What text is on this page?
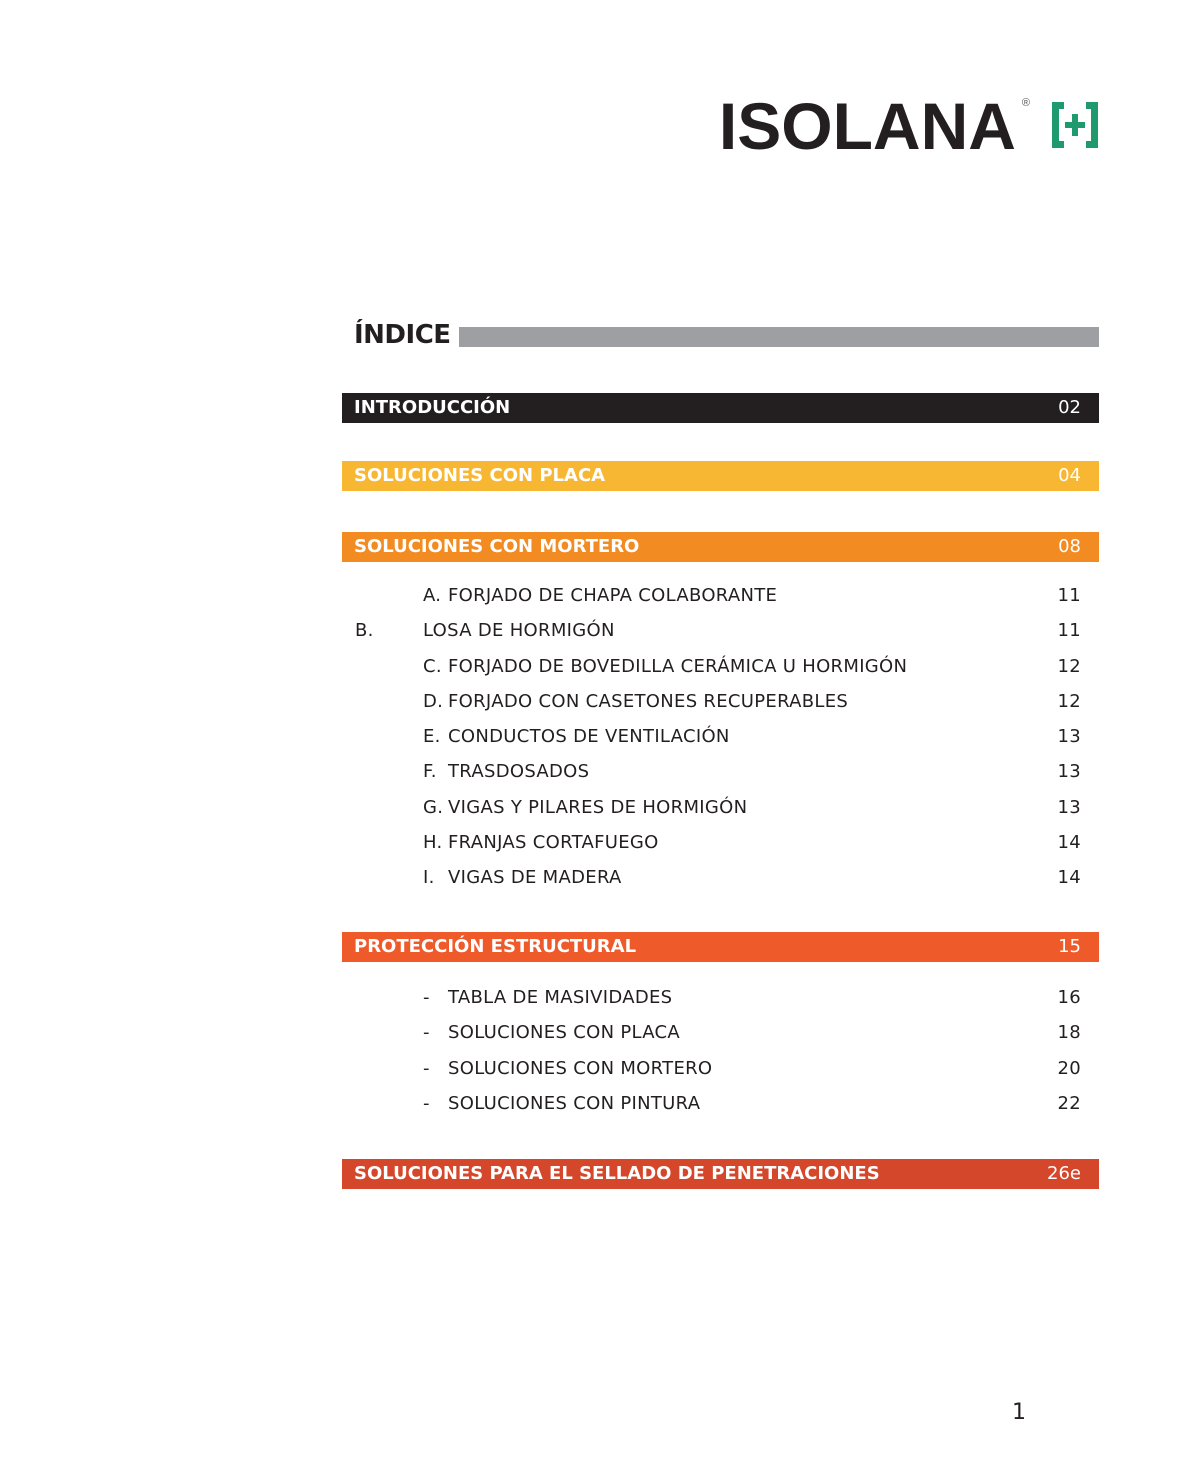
ISOLANA ®
ÍNDICE
INTRODUCCIÓN	02
SOLUCIONES CON PLACA	04
SOLUCIONES CON MORTERO	08
A. FORJADO DE CHAPA COLABORANTE	11
B.	LOSA DE HORMIGÓN	11
C. FORJADO DE BOVEDILLA CERÁMICA U HORMIGÓN	12
D. FORJADO CON CASETONES RECUPERABLES	12
E. CONDUCTOS DE VENTILACIÓN	13
F. TRASDOSADOS	13
G. VIGAS Y PILARES DE HORMIGÓN	13
H. FRANJAS CORTAFUEGO	14
I. VIGAS DE MADERA	14
PROTECCIÓN ESTRUCTURAL	15
- TABLA DE MASIVIDADES	16
- SOLUCIONES CON PLACA	18
- SOLUCIONES CON MORTERO	20
- SOLUCIONES CON PINTURA	22
SOLUCIONES PARA EL SELLADO DE PENETRACIONES	26e
1
